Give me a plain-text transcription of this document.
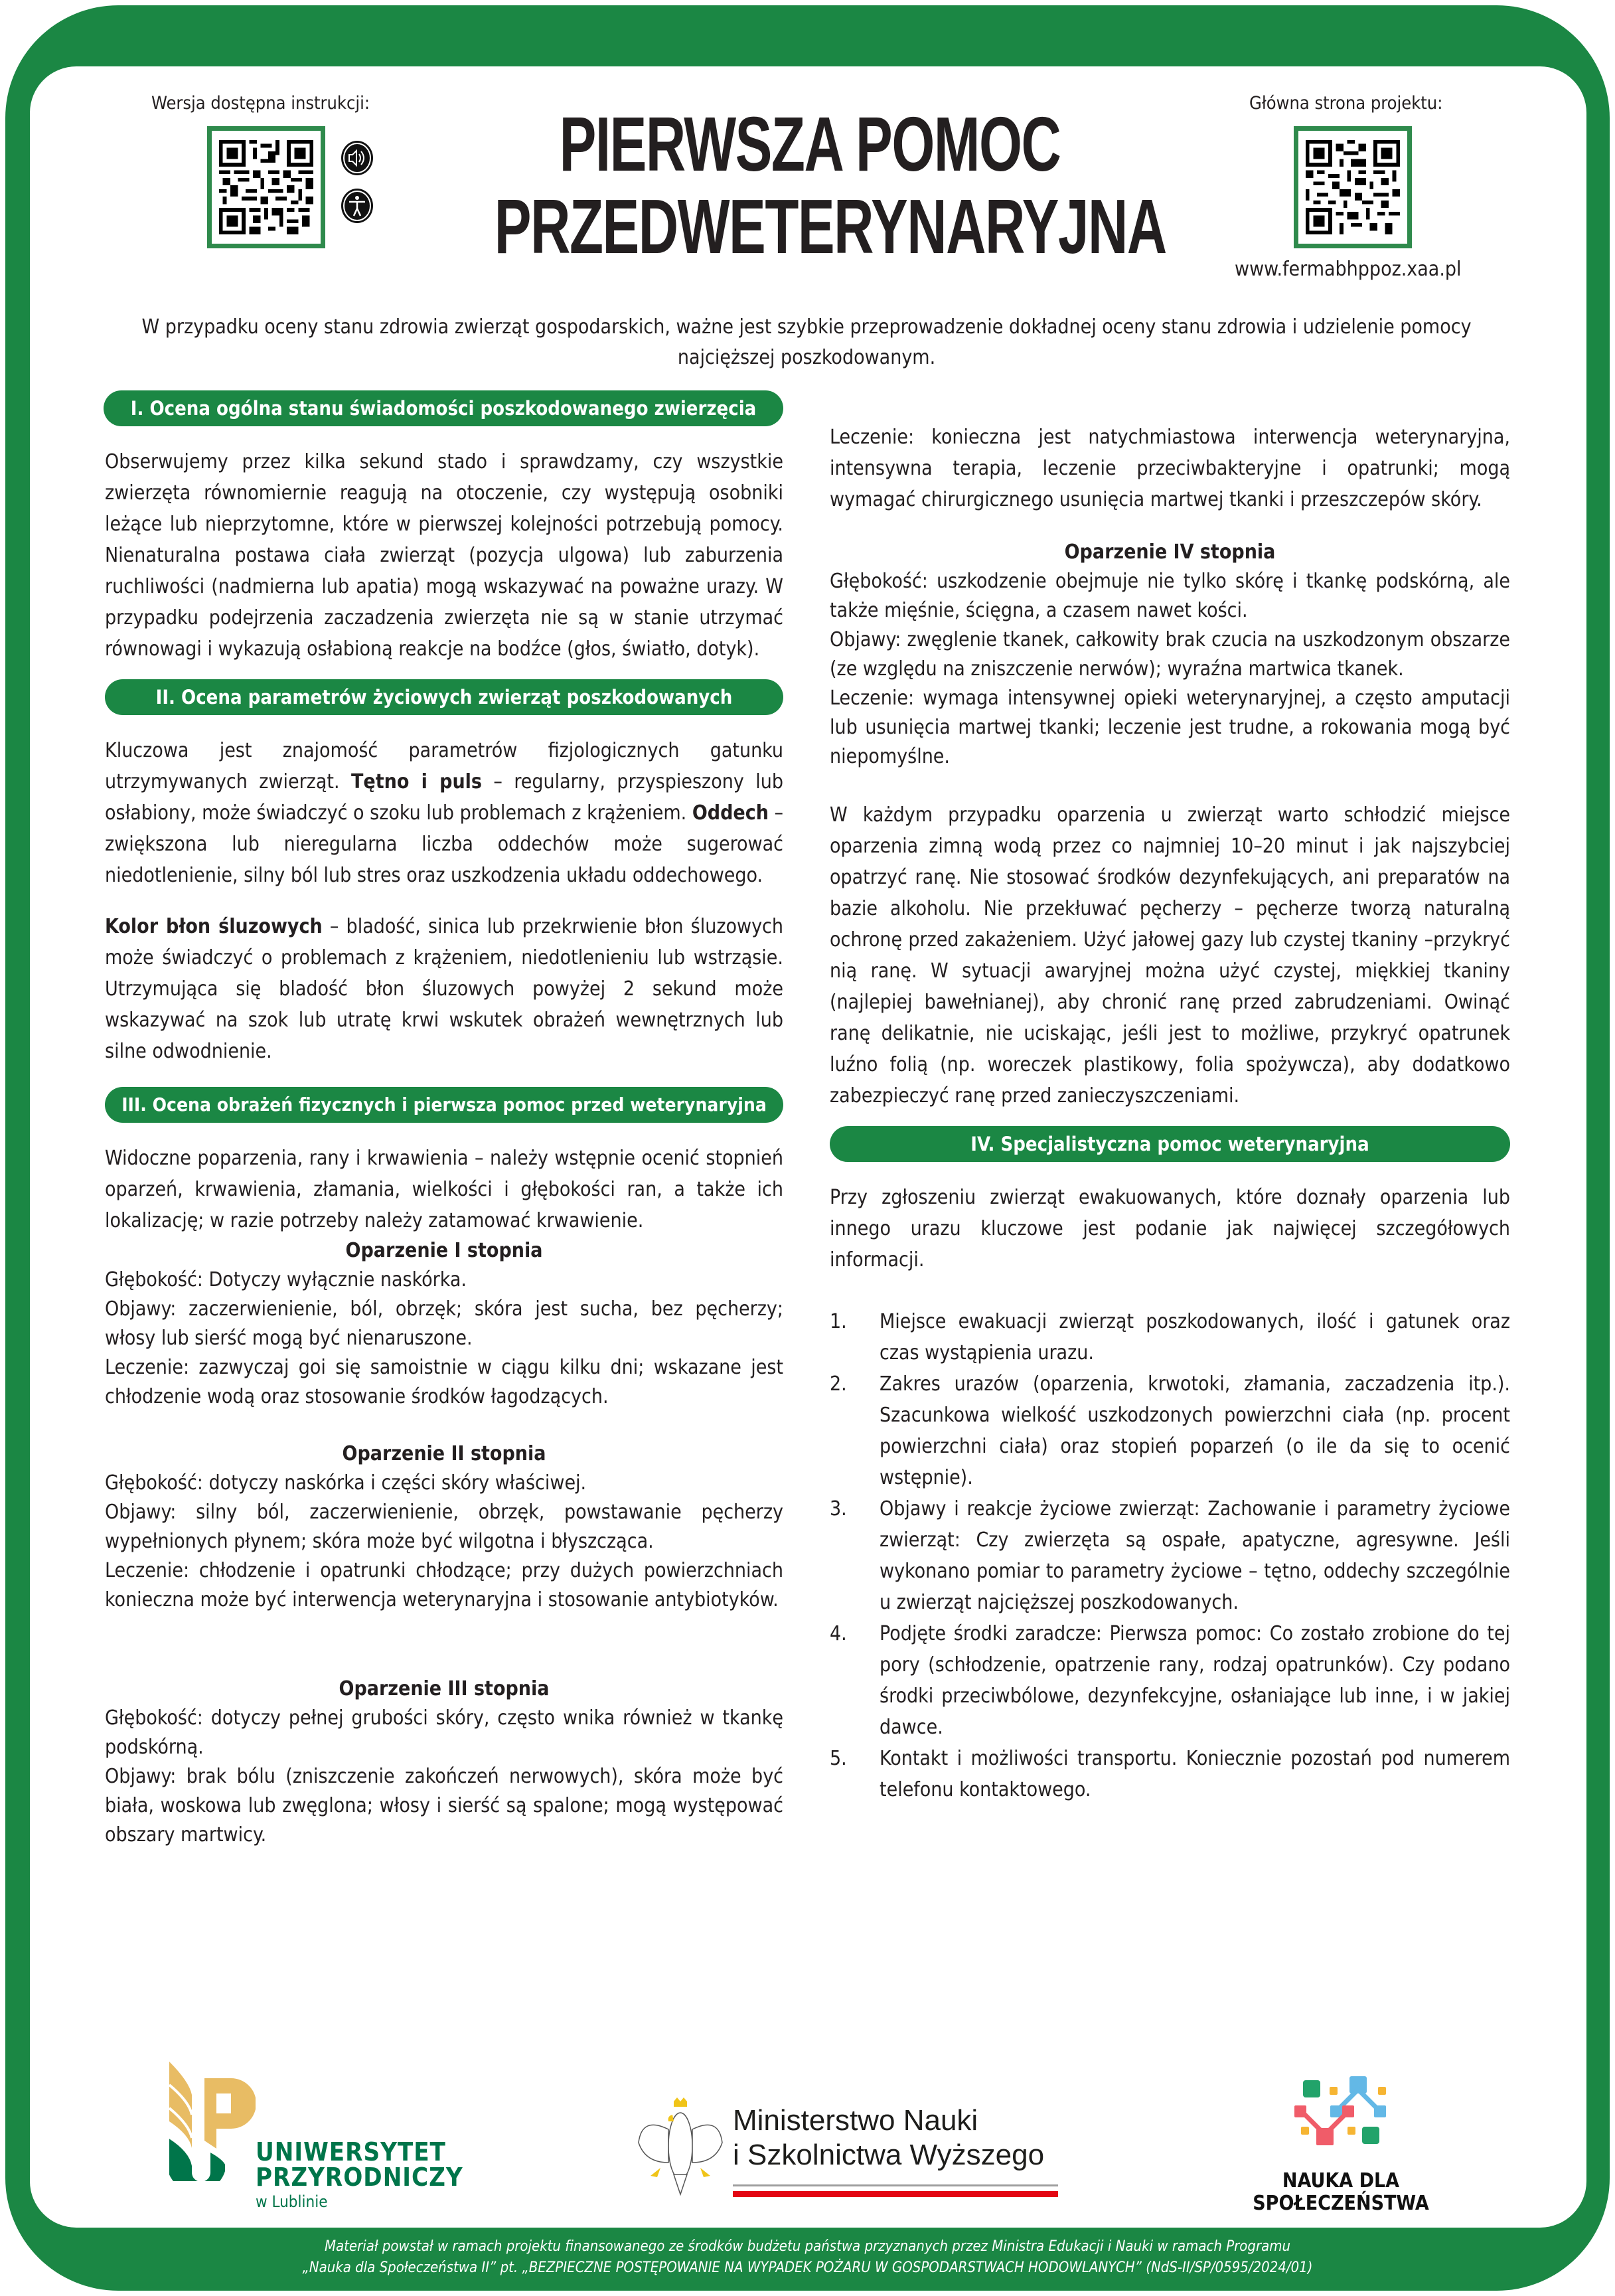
Wersja dostępna instrukcji:	PIERWSZA POMOC
PRZEDWETERYNARYJNA
Główna strona projektu:
www.fermabhppoz.xaa.pl
W przypadku oceny stanu zdrowia zwierząt gospodarskich, ważne jest szybkie przeprowadzenie dokładnej oceny stanu zdrowia i udzielenie pomocy najcięższej poszkodowanym.
I. Ocena ogólna stanu świadomości poszkodowanego zwierzęcia

Obserwujemy przez kilka sekund stado i sprawdzamy, czy wszystkie zwierzęta równomiernie reagują na otoczenie, czy występują osobniki leżące lub nieprzytomne, które w pierwszej kolejności potrzebują pomocy. Nienaturalna postawa ciała zwierząt (pozycja ulgowa) lub zaburzenia ruchliwości (nadmierna lub apatia) mogą wskazywać na poważne urazy. W przypadku podejrzenia zaczadzenia zwierzęta nie są w stanie utrzymać równowagi i wykazują osłabioną reakcje na bodźce (głos, światło, dotyk).

II. Ocena parametrów życiowych zwierząt poszkodowanych

Kluczowa jest znajomość parametrów fizjologicznych gatunku utrzymywanych zwierząt. Tętno i puls – regularny, przyspieszony lub osłabiony, może świadczyć o szoku lub problemach z krążeniem. Oddech – zwiększona lub nieregularna liczba oddechów może sugerować niedotlenienie, silny ból lub stres oraz uszkodzenia układu oddechowego.

Kolor błon śluzowych – bladość, sinica lub przekrwienie błon śluzowych może świadczyć o problemach z krążeniem, niedotlenieniu lub wstrząsie. Utrzymująca się bladość błon śluzowych powyżej 2 sekund może wskazywać na szok lub utratę krwi wskutek obrażeń wewnętrznych lub silne odwodnienie.

III. Ocena obrażeń fizycznych i pierwsza pomoc przed weterynaryjna

Widoczne poparzenia, rany i krwawienia – należy wstępnie ocenić stopnień oparzeń, krwawienia, złamania, wielkości i głębokości ran, a także ich lokalizację; w razie potrzeby należy zatamować krwawienie.

Oparzenie I stopnia

Głębokość: Dotyczy wyłącznie naskórka.

Objawy: zaczerwienienie, ból, obrzęk; skóra jest sucha, bez pęcherzy; włosy lub sierść mogą być nienaruszone.

Leczenie: zazwyczaj goi się samoistnie w ciągu kilku dni; wskazane jest chłodzenie wodą oraz stosowanie środków łagodzących.

Oparzenie II stopnia

Głębokość: dotyczy naskórka i części skóry właściwej.

Objawy: silny ból, zaczerwienienie, obrzęk, powstawanie pęcherzy wypełnionych płynem; skóra może być wilgotna i błyszcząca.

Leczenie: chłodzenie i opatrunki chłodzące; przy dużych powierzchniach konieczna może być interwencja weterynaryjna i stosowanie antybiotyków.

Oparzenie III stopnia

Głębokość: dotyczy pełnej grubości skóry, często wnika również w tkankę podskórną.

Objawy: brak bólu (zniszczenie zakończeń nerwowych), skóra może być biała, woskowa lub zwęglona; włosy i sierść są spalone; mogą występować obszary martwicy.

Leczenie: konieczna jest natychmiastowa interwencja weterynaryjna, intensywna terapia, leczenie przeciwbakteryjne i opatrunki; mogą wymagać chirurgicznego usunięcia martwej tkanki i przeszczepów skóry.

Oparzenie IV stopnia

Głębokość: uszkodzenie obejmuje nie tylko skórę i tkankę podskórną, ale także mięśnie, ścięgna, a czasem nawet kości.

Objawy: zwęglenie tkanek, całkowity brak czucia na uszkodzonym obszarze (ze względu na zniszczenie nerwów); wyraźna martwica tkanek.

Leczenie: wymaga intensywnej opieki weterynaryjnej, a często amputacji lub usunięcia martwej tkanki; leczenie jest trudne, a rokowania mogą być niepomyślne.

W każdym przypadku oparzenia u zwierząt warto schłodzić miejsce oparzenia zimną wodą przez co najmniej 10–20 minut i jak najszybciej opatrzyć ranę. Nie stosować środków dezynfekujących, ani preparatów na bazie alkoholu. Nie przekłuwać pęcherzy – pęcherze tworzą naturalną ochronę przed zakażeniem. Użyć jałowej gazy lub czystej tkaniny –przykryć nią ranę. W sytuacji awaryjnej można użyć czystej, miękkiej tkaniny (najlepiej bawełnianej), aby chronić ranę przed zabrudzeniami. Owinąć ranę delikatnie, nie uciskając, jeśli jest to możliwe, przykryć opatrunek luźno folią (np. woreczek plastikowy, folia spożywcza), aby dodatkowo zabezpieczyć ranę przed zanieczyszczeniami.

IV. Specjalistyczna pomoc weterynaryjna

Przy zgłoszeniu zwierząt ewakuowanych, które doznały oparzenia lub innego urazu kluczowe jest podanie jak najwięcej szczegółowych informacji.

1. Miejsce ewakuacji zwierząt poszkodowanych, ilość i gatunek oraz czas wystąpienia urazu.
2. Zakres urazów (oparzenia, krwotoki, złamania, zaczadzenia itp.). Szacunkowa wielkość uszkodzonych powierzchni ciała (np. procent powierzchni ciała) oraz stopień poparzeń (o ile da się to ocenić wstępnie).
3. Objawy i reakcje życiowe zwierząt: Zachowanie i parametry życiowe zwierząt: Czy zwierzęta są ospałe, apatyczne, agresywne. Jeśli wykonano pomiar to parametry życiowe – tętno, oddechy szczególnie u zwierząt najcięższej poszkodowanych.
4. Podjęte środki zaradcze: Pierwsza pomoc: Co zostało zrobione do tej pory (schłodzenie, opatrzenie rany, rodzaj opatrunków). Czy podano środki przeciwbólowe, dezynfekcyjne, osłaniające lub inne, i w jakiej dawce.
5. Kontakt i możliwości transportu. Koniecznie pozostań pod numerem telefonu kontaktowego.
UNIWERSYTET
PRZYRODNICZY
w Lublinie
Ministerstwo Nauki
i Szkolnictwa Wyższego
NAUKA DLA
SPOŁECZEŃSTWA
Materiał powstał w ramach projektu finansowanego ze środków budżetu państwa przyznanych przez Ministra Edukacji i Nauki w ramach Programu
„Nauka dla Społeczeństwa II” pt. „BEZPIECZNE POSTĘPOWANIE NA WYPADEK POŻARU W GOSPODARSTWACH HODOWLANYCH” (NdS-II/SP/0595/2024/01)
